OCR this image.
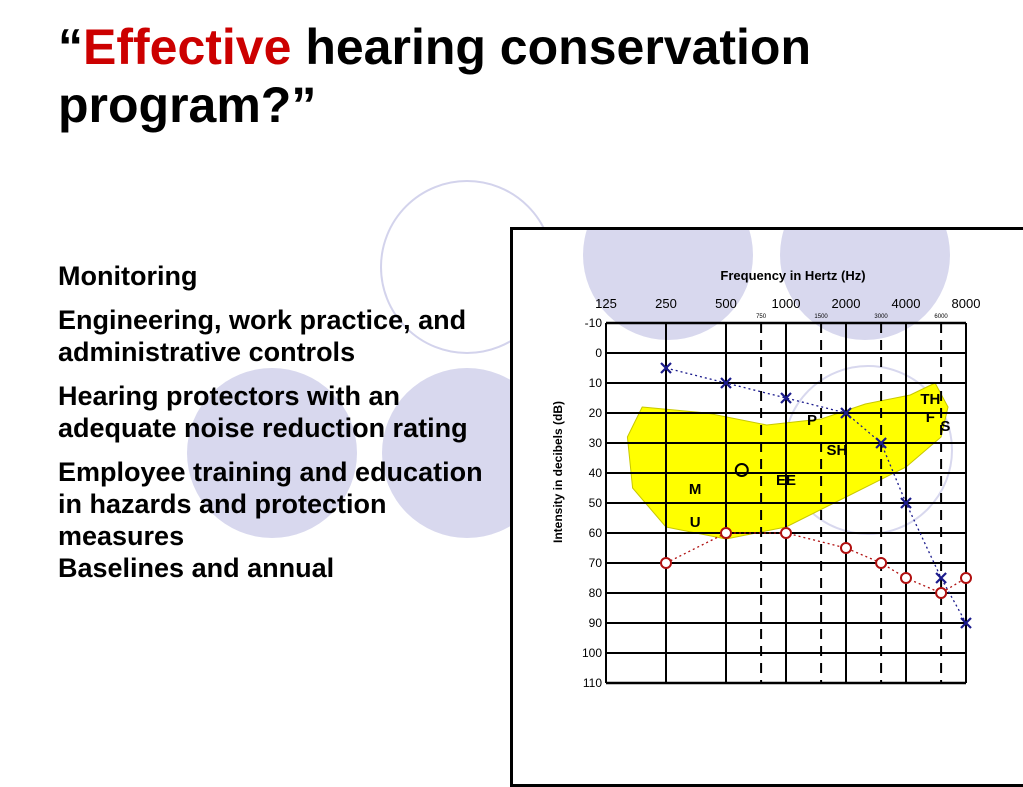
“Effective hearing conservation program?”
Monitoring
Engineering, work practice, and administrative controls
Hearing protectors with an adequate noise reduction rating
Employee training and education in hazards and protection measures
Baselines and annual
125	250	500	1000 2000 4000 8000
750	1500	3000	6000
-10
0
10
20
30
40
50
60
70
80
90
100
110
M
U
EE
P
SH
TH
F
S
Frequency in Hertz (Hz)
Intensity in decibels (dB)
